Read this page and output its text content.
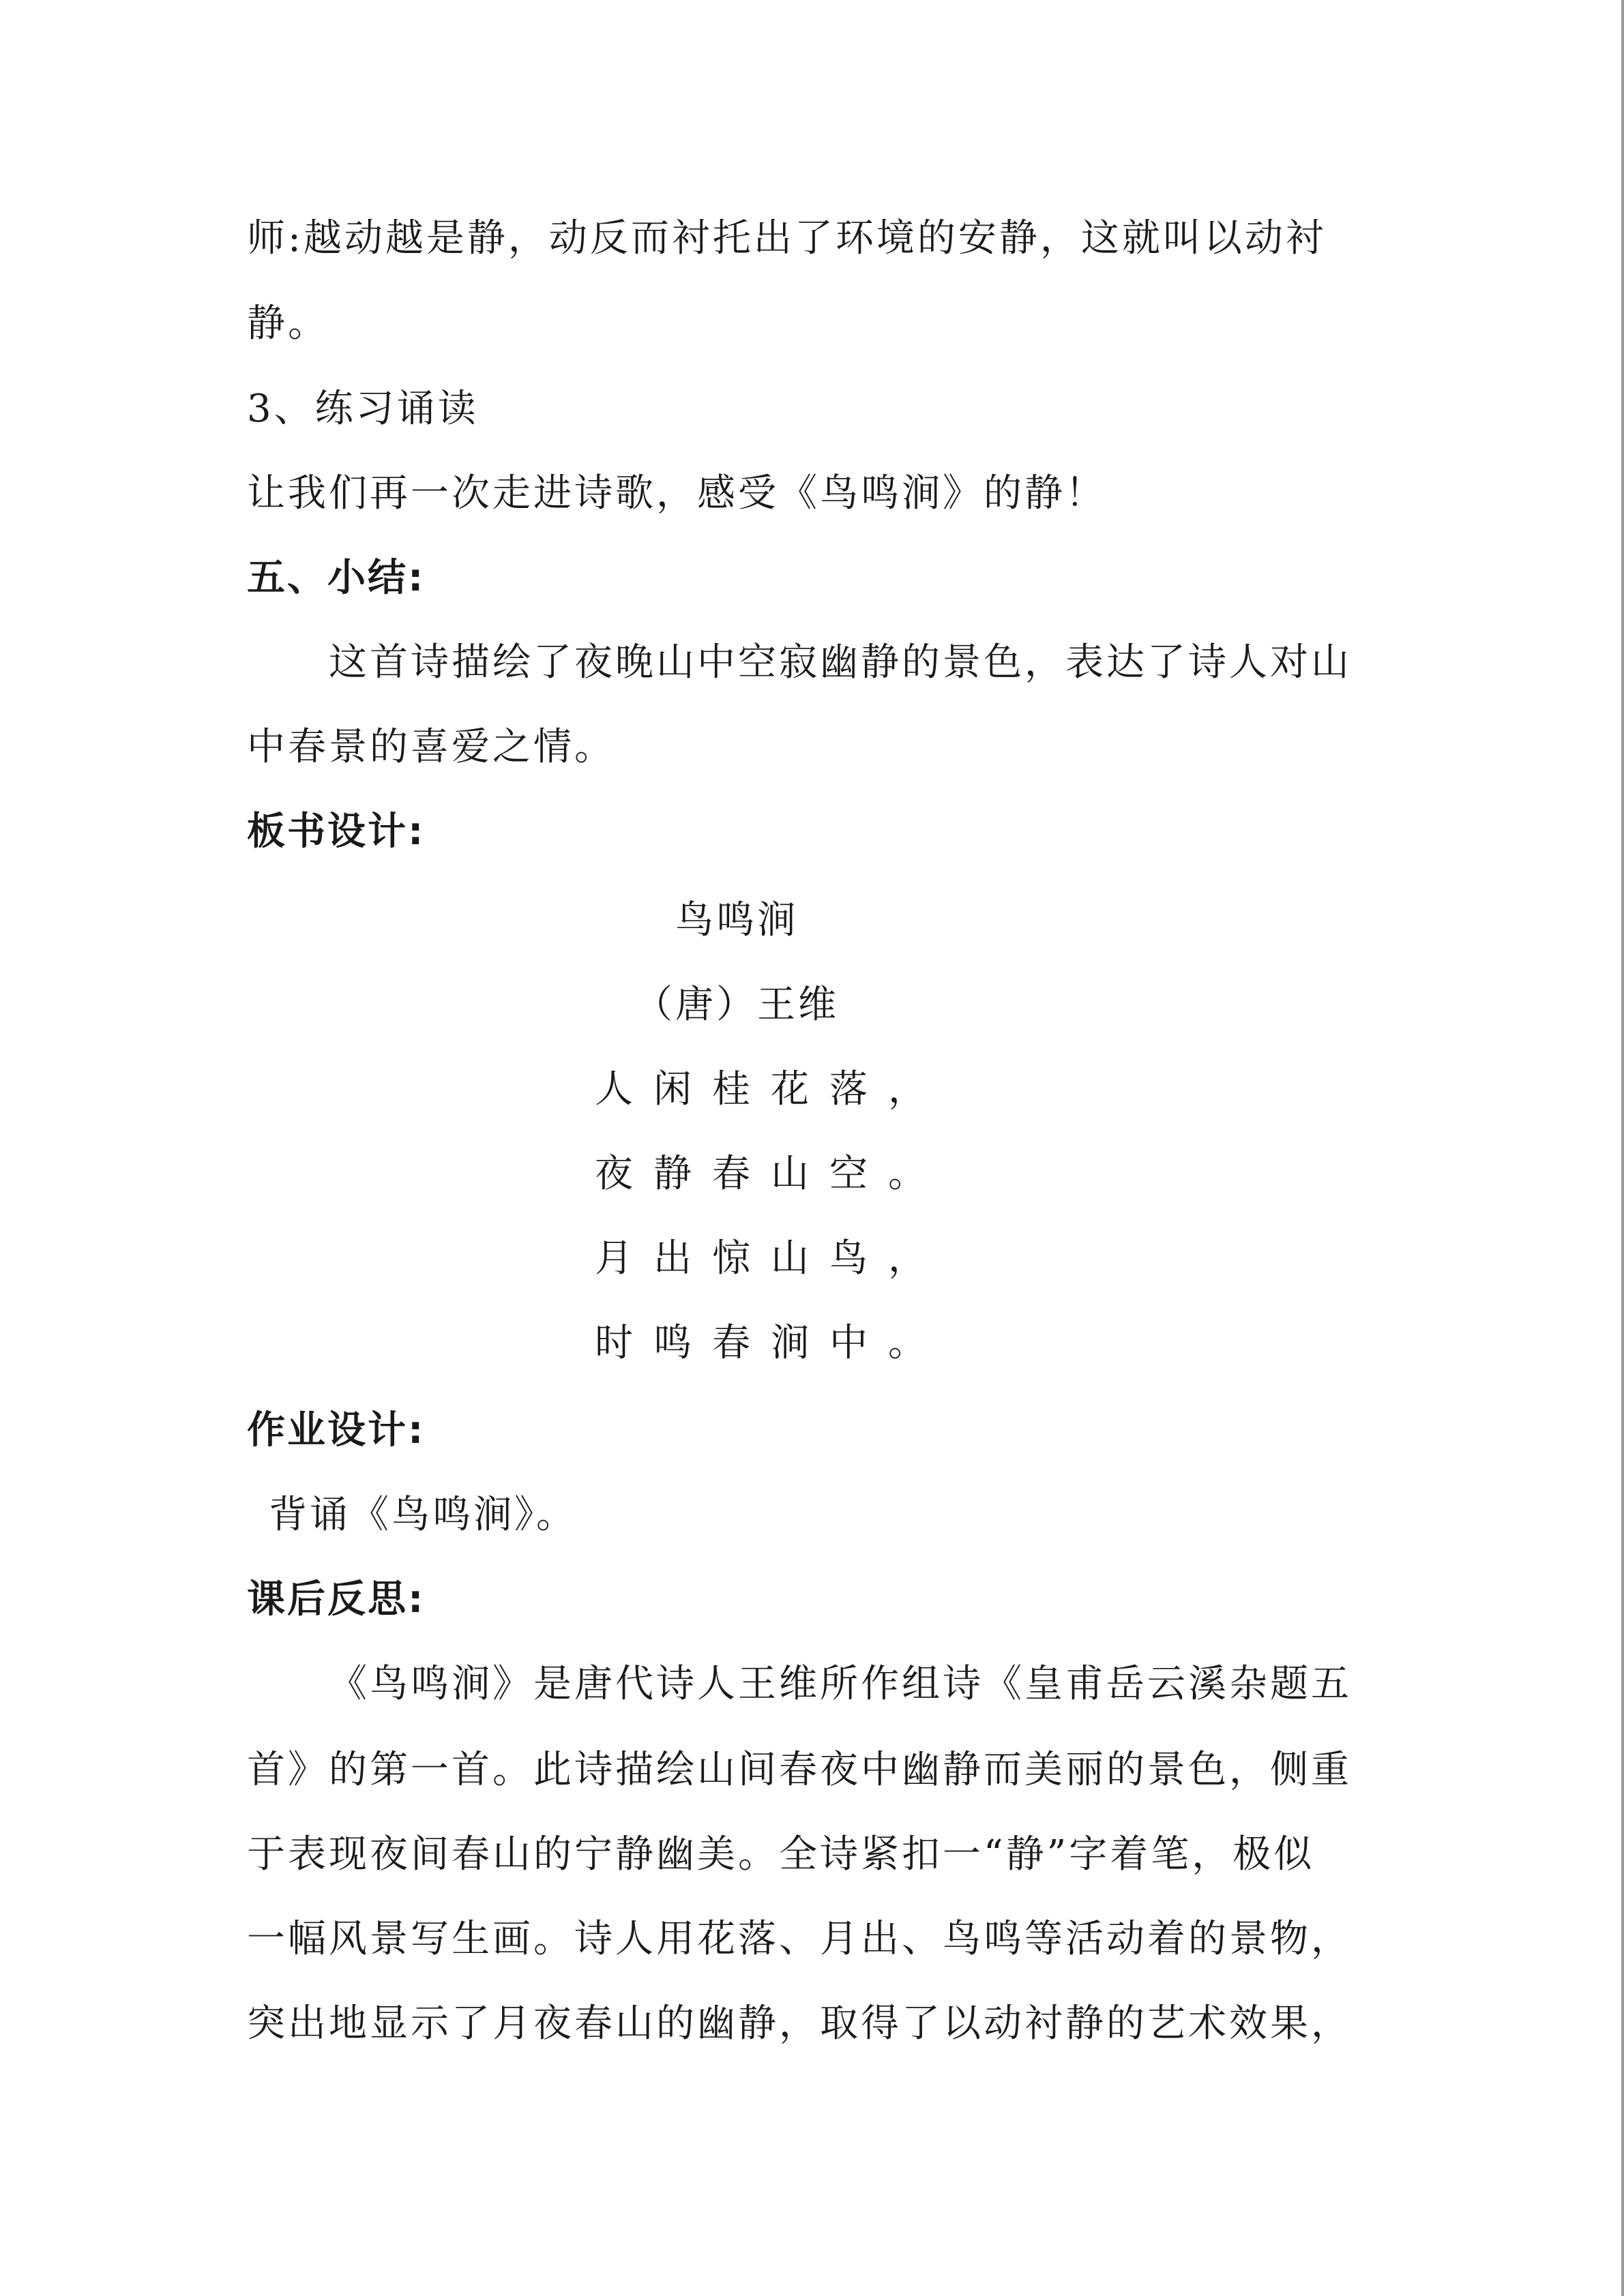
师:越动越是静，动反而衬托出了环境的安静，这就叫以动衬
静。
3、练习诵读
让我们再一次走进诗歌，感受《鸟鸣涧》的静！
五、小结:
这首诗描绘了夜晚山中空寂幽静的景色，表达了诗人对山
中春景的喜爱之情。
板书设计:
鸟鸣涧
（唐）王维
人闲桂花落，
夜静春山空。
月出惊山鸟，
时鸣春涧中。
作业设计:
背诵《鸟鸣涧》。
课后反思:
《鸟鸣涧》是唐代诗人王维所作组诗《皇甫岳云溪杂题五
首》的第一首。此诗描绘山间春夜中幽静而美丽的景色，侧重
于表现夜间春山的宁静幽美。全诗紧扣一“静”字着笔，极似
一幅风景写生画。诗人用花落、月出、鸟鸣等活动着的景物，
突出地显示了月夜春山的幽静，取得了以动衬静的艺术效果，
